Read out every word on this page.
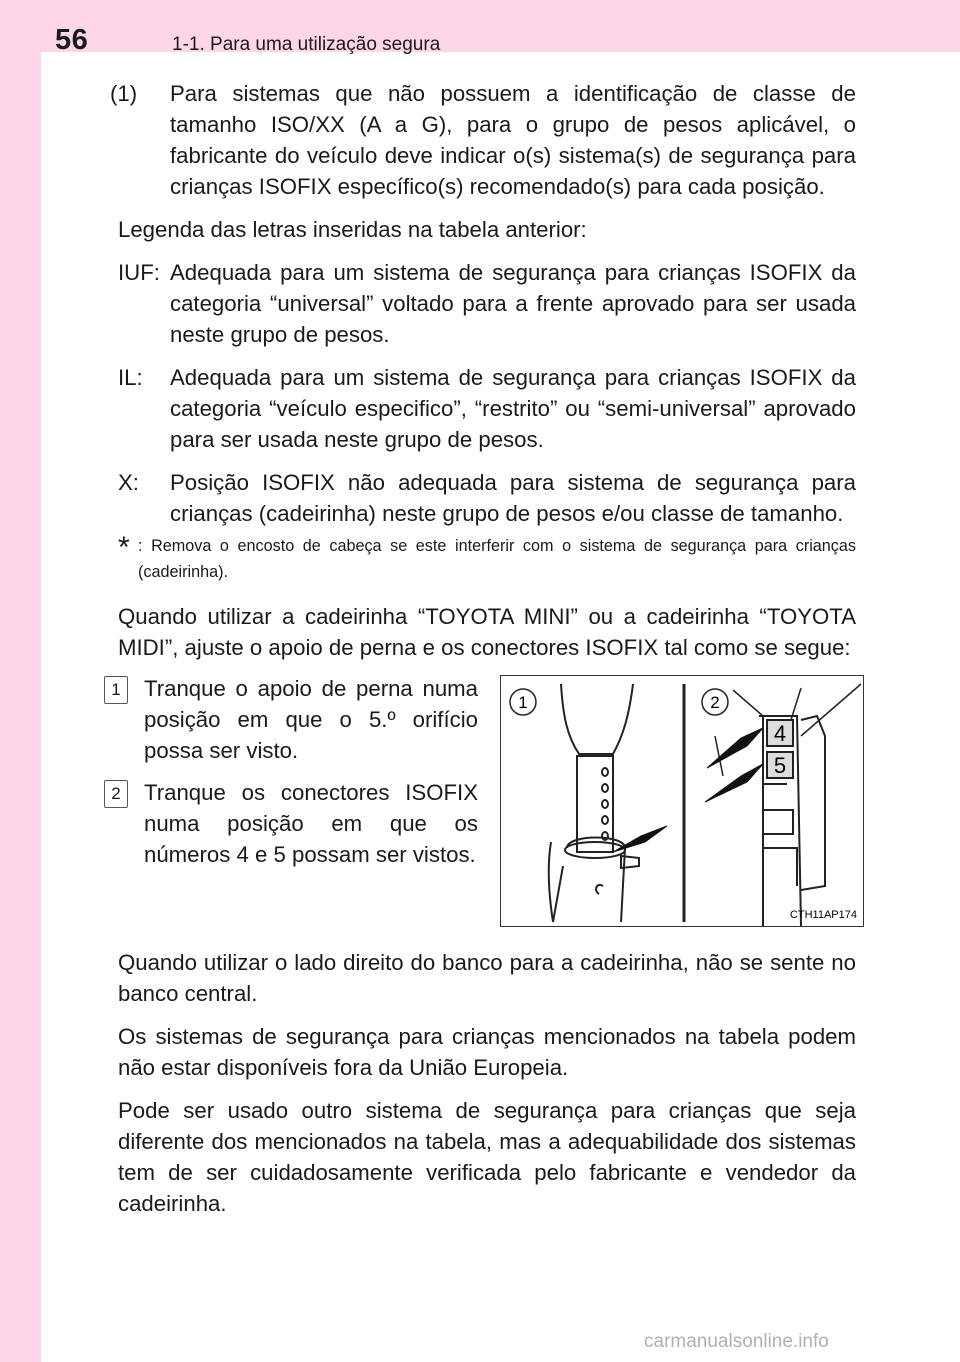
56	1-1. Para uma utilização segura
(1)	Para sistemas que não possuem a identificação de classe de tamanho ISO/XX (A a G), para o grupo de pesos aplicável, o fabricante do veículo deve indicar o(s) sistema(s) de segurança para crianças ISOFIX específico(s) recomendado(s) para cada posição.

Legenda das letras inseridas na tabela anterior:

IUF: Adequada para um sistema de segurança para crianças ISOFIX da categoria “universal” voltado para a frente aprovado para ser usada neste grupo de pesos.
IL:	Adequada para um sistema de segurança para crianças ISOFIX da categoria “veículo especifico”, “restrito” ou “semi-universal” aprovado para ser usada neste grupo de pesos.
X:	Posição ISOFIX não adequada para sistema de segurança para crianças (cadeirinha) neste grupo de pesos e/ou classe de tamanho.
* : Remova o encosto de cabeça se este interferir com o sistema de segurança para crianças (cadeirinha).

Quando utilizar a cadeirinha “TOYOTA MINI” ou a cadeirinha “TOYOTA MIDI”, ajuste o apoio de perna e os conectores ISOFIX tal como se segue:

1	Tranque o apoio de perna numa posição em que o 5.º orifício possa ser visto.
2	Tranque os conectores ISOFIX numa posição em que os números 4 e 5 possam ser vistos.
1	2
4
5
CTH11AP174

Quando utilizar o lado direito do banco para a cadeirinha, não se sente no banco central.

Os sistemas de segurança para crianças mencionados na tabela podem não estar disponíveis fora da União Europeia.

Pode ser usado outro sistema de segurança para crianças que seja diferente dos mencionados na tabela, mas a adequabilidade dos sistemas tem de ser cuidadosamente verificada pelo fabricante e vendedor da cadeirinha.

carmanualsonline.info
